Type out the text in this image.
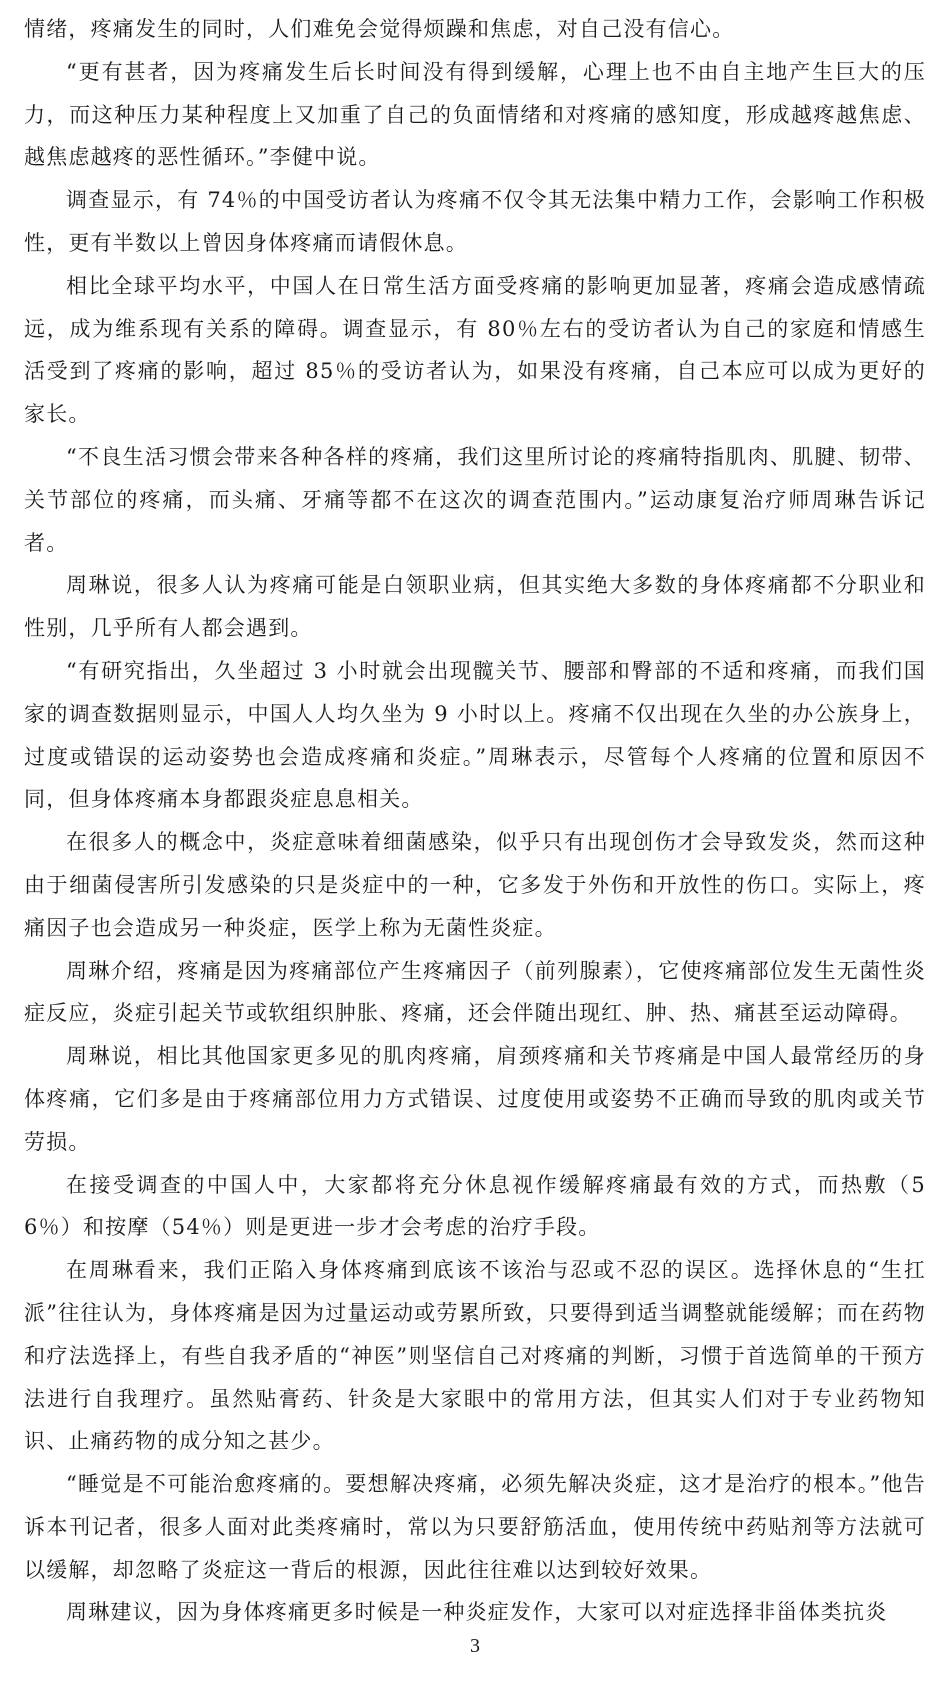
情绪，疼痛发生的同时，人们难免会觉得烦躁和焦虑，对自己没有信心。

“更有甚者，因为疼痛发生后长时间没有得到缓解，心理上也不由自主地产生巨大的压力，而这种压力某种程度上又加重了自己的负面情绪和对疼痛的感知度，形成越疼越焦虑、越焦虑越疼的恶性循环。”李健中说。

调查显示，有 74％的中国受访者认为疼痛不仅令其无法集中精力工作，会影响工作积极性，更有半数以上曾因身体疼痛而请假休息。

相比全球平均水平，中国人在日常生活方面受疼痛的影响更加显著，疼痛会造成感情疏远，成为维系现有关系的障碍。调查显示，有 80％左右的受访者认为自己的家庭和情感生活受到了疼痛的影响，超过 85％的受访者认为，如果没有疼痛，自己本应可以成为更好的家长。

“不良生活习惯会带来各种各样的疼痛，我们这里所讨论的疼痛特指肌肉、肌腱、韧带、关节部位的疼痛，而头痛、牙痛等都不在这次的调查范围内。”运动康复治疗师周琳告诉记者。

周琳说，很多人认为疼痛可能是白领职业病，但其实绝大多数的身体疼痛都不分职业和性别，几乎所有人都会遇到。

“有研究指出，久坐超过 3 小时就会出现髋关节、腰部和臀部的不适和疼痛，而我们国家的调查数据则显示，中国人人均久坐为 9 小时以上。疼痛不仅出现在久坐的办公族身上，过度或错误的运动姿势也会造成疼痛和炎症。”周琳表示，尽管每个人疼痛的位置和原因不同，但身体疼痛本身都跟炎症息息相关。

在很多人的概念中，炎症意味着细菌感染，似乎只有出现创伤才会导致发炎，然而这种由于细菌侵害所引发感染的只是炎症中的一种，它多发于外伤和开放性的伤口。实际上，疼痛因子也会造成另一种炎症，医学上称为无菌性炎症。

周琳介绍，疼痛是因为疼痛部位产生疼痛因子（前列腺素），它使疼痛部位发生无菌性炎症反应，炎症引起关节或软组织肿胀、疼痛，还会伴随出现红、肿、热、痛甚至运动障碍。

周琳说，相比其他国家更多见的肌肉疼痛，肩颈疼痛和关节疼痛是中国人最常经历的身体疼痛，它们多是由于疼痛部位用力方式错误、过度使用或姿势不正确而导致的肌肉或关节劳损。

在接受调查的中国人中，大家都将充分休息视作缓解疼痛最有效的方式，而热敷（56％）和按摩（54％）则是更进一步才会考虑的治疗手段。

在周琳看来，我们正陷入身体疼痛到底该不该治与忍或不忍的误区。选择休息的“生扛派”往往认为，身体疼痛是因为过量运动或劳累所致，只要得到适当调整就能缓解；而在药物和疗法选择上，有些自我矛盾的“神医”则坚信自己对疼痛的判断，习惯于首选简单的干预方法进行自我理疗。虽然贴膏药、针灸是大家眼中的常用方法，但其实人们对于专业药物知识、止痛药物的成分知之甚少。

“睡觉是不可能治愈疼痛的。要想解决疼痛，必须先解决炎症，这才是治疗的根本。”他告诉本刊记者，很多人面对此类疼痛时，常以为只要舒筋活血，使用传统中药贴剂等方法就可以缓解，却忽略了炎症这一背后的根源，因此往往难以达到较好效果。

周琳建议，因为身体疼痛更多时候是一种炎症发作，大家可以对症选择非甾体类抗炎

3
